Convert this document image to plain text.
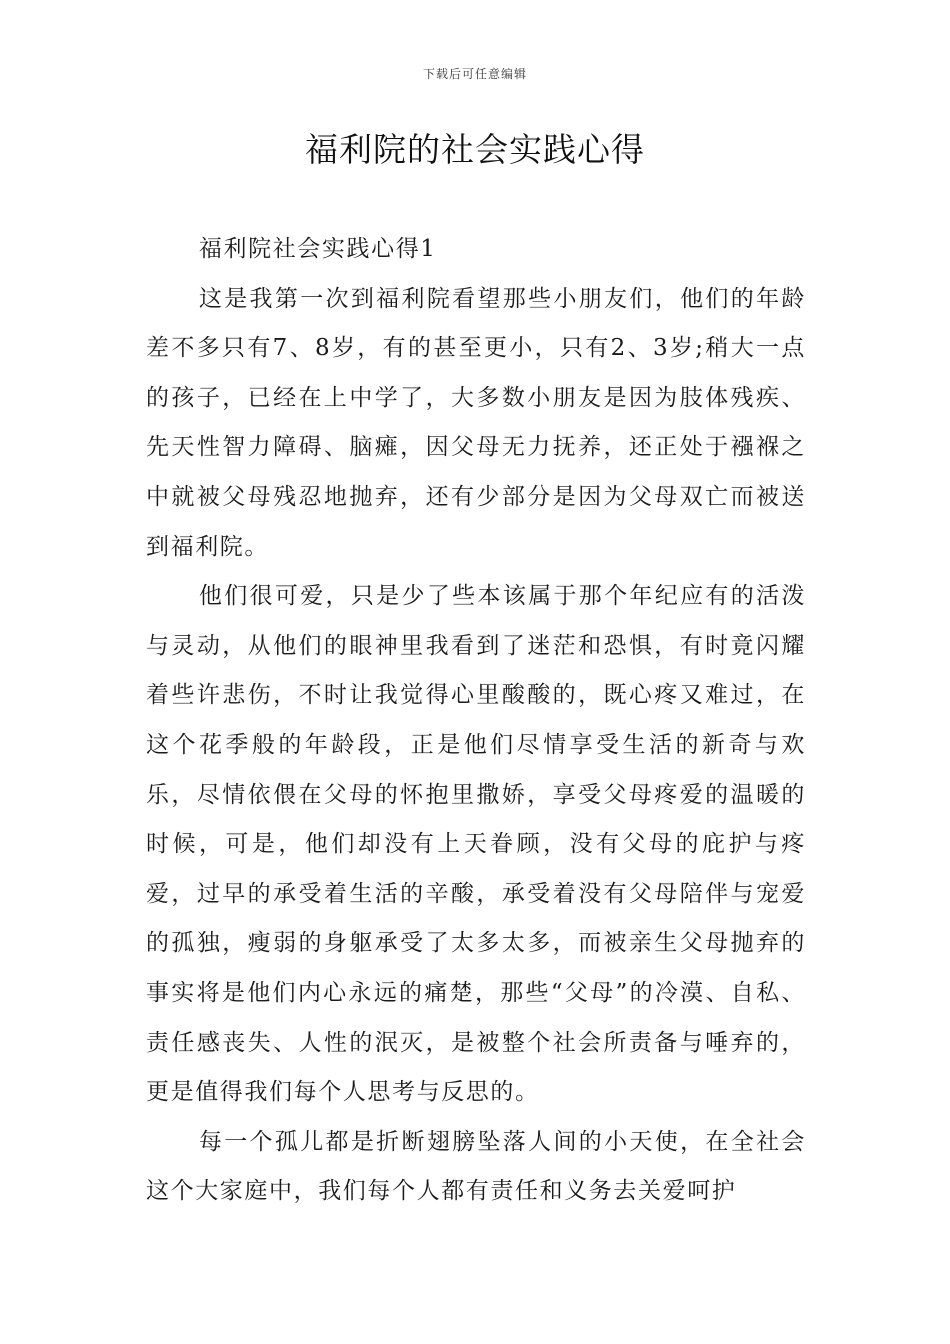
下载后可任意编辑
福利院的社会实践心得

福利院社会实践心得1

这是我第一次到福利院看望那些小朋友们，他们的年龄差不多只有7、8岁，有的甚至更小，只有2、3岁;稍大一点的孩子，已经在上中学了，大多数小朋友是因为肢体残疾、先天性智力障碍、脑瘫，因父母无力抚养，还正处于襁褓之中就被父母残忍地抛弃，还有少部分是因为父母双亡而被送到福利院。

他们很可爱，只是少了些本该属于那个年纪应有的活泼与灵动，从他们的眼神里我看到了迷茫和恐惧，有时竟闪耀着些许悲伤，不时让我觉得心里酸酸的，既心疼又难过，在这个花季般的年龄段，正是他们尽情享受生活的新奇与欢乐，尽情依偎在父母的怀抱里撒娇，享受父母疼爱的温暖的时候，可是，他们却没有上天眷顾，没有父母的庇护与疼爱，过早的承受着生活的辛酸，承受着没有父母陪伴与宠爱的孤独，瘦弱的身躯承受了太多太多，而被亲生父母抛弃的事实将是他们内心永远的痛楚，那些“父母”的冷漠、自私、责任感丧失、人性的泯灭，是被整个社会所责备与唾弃的，更是值得我们每个人思考与反思的。

每一个孤儿都是折断翅膀坠落人间的小天使，在全社会这个大家庭中，我们每个人都有责任和义务去关爱呵护
